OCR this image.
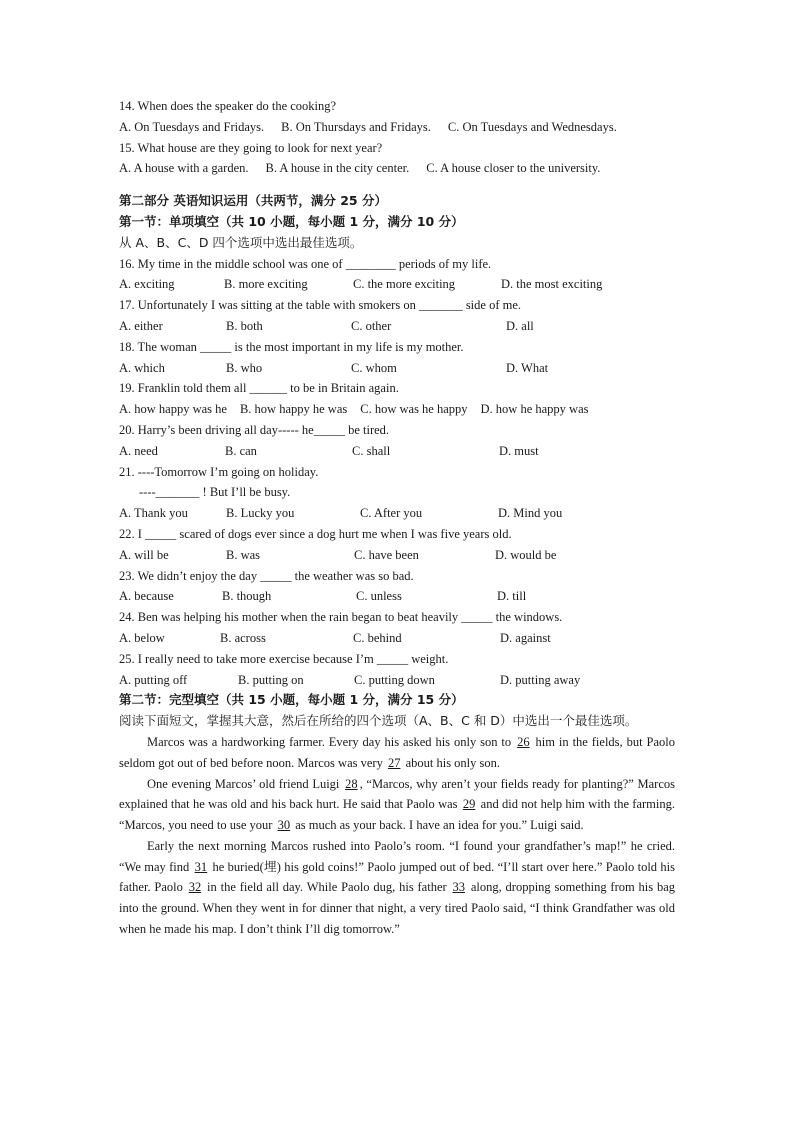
14. When does the speaker do the cooking?
A. On Tuesdays and Fridays. B. On Thursdays and Fridays. C. On Tuesdays and Wednesdays.
15. What house are they going to look for next year?
A. A house with a garden. B. A house in the city center. C. A house closer to the university.
第二部分 英语知识运用（共两节，满分 25 分）
第一节：单项填空（共 10 小题，每小题 1 分，满分 10 分）
从 A、B、C、D 四个选项中选出最佳选项。
16. My time in the middle school was one of ________ periods of my life.
A. exciting	B. more exciting	C. the more exciting	D. the most exciting
17. Unfortunately I was sitting at the table with smokers on _______ side of me.
A. either	B. both	C. other	D. all
18. The woman _____ is the most important in my life is my mother.
A. which	B. who	C. whom	D. What
19. Franklin told them all ______ to be in Britain again.
A. how happy was he B. how happy he was C. how was he happy D. how he happy was
20. Harry’s been driving all day----- he_____ be tired.
A. need	B. can	C. shall	D. must
21. ----Tomorrow I’m going on holiday.
----_______ ! But I’ll be busy.
A. Thank you	B. Lucky you	C. After you	D. Mind you
22. I _____ scared of dogs ever since a dog hurt me when I was five years old.
A. will be	B. was	C. have been	D. would be
23. We didn’t enjoy the day _____ the weather was so bad.
A. because	B. though	C. unless	D. till
24. Ben was helping his mother when the rain began to beat heavily _____ the windows.
A. below	B. across	C. behind	D. against
25. I really need to take more exercise because I’m _____ weight.
A. putting off	B. putting on	C. putting down	D. putting away
第二节：完型填空（共 15 小题，每小题 1 分，满分 15 分）
阅读下面短文，掌握其大意，然后在所给的四个选项（A、B、C 和 D）中选出一个最佳选项。
Marcos was a hardworking farmer. Every day his asked his only son to 26 him in the fields, but Paolo seldom got out of bed before noon. Marcos was very 27 about his only son.
One evening Marcos’ old friend Luigi 28 , “Marcos, why aren’t your fields ready for planting?” Marcos explained that he was old and his back hurt. He said that Paolo was 29 and did not help him with the farming. “Marcos, you need to use your 30 as much as your back. I have an idea for you.” Luigi said.
Early the next morning Marcos rushed into Paolo’s room. “I found your grandfather’s map!” he cried. “We may find 31 he buried(埋) his gold coins!” Paolo jumped out of bed. “I’ll start over here.” Paolo told his father. Paolo 32 in the field all day. While Paolo dug, his father 33 along, dropping something from his bag into the ground. When they went in for dinner that night, a very tired Paolo said, “I think Grandfather was old when he made his map. I don’t think I’ll dig tomorrow.”
